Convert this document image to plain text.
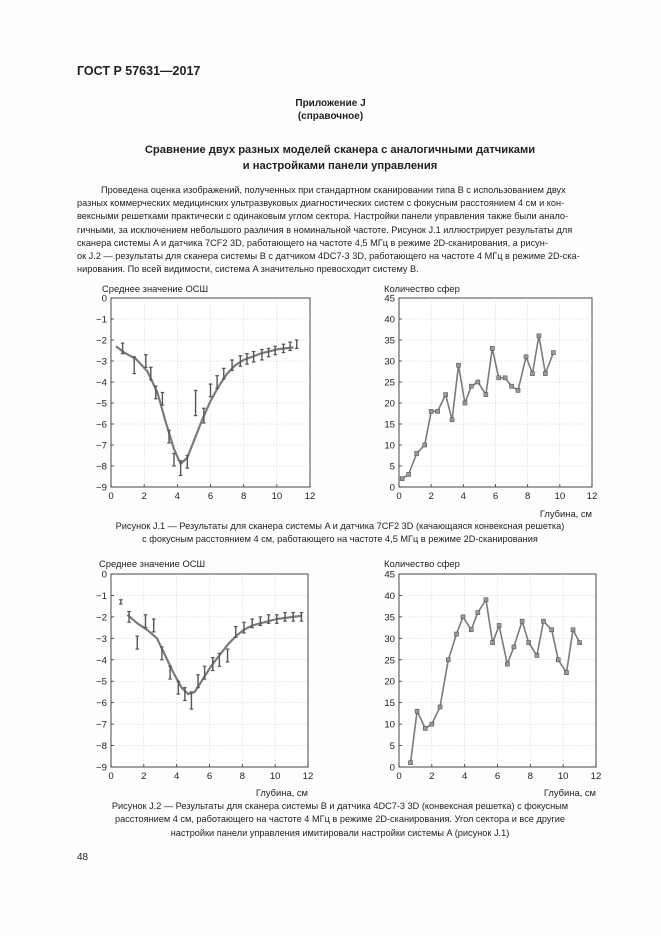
ГОСТ Р 57631—2017
Приложение J
(справочное)
Сравнение двух разных моделей сканера с аналогичными датчиками
и настройками панели управления

Проведена оценка изображений, полученных при стандартном сканировании типа B с использованием двух

разных коммерческих медицинских ультразвуковых диагностических систем с фокусным расстоянием 4 см и кон-

вексными решетками практически с одинаковым углом сектора. Настройки панели управления также были анало-

гичными, за исключением небольшого различия в номинальной частоте. Рисунок J.1 иллюстрирует результаты для

сканера системы A и датчика 7CF2 3D, работающего на частоте 4,5 МГц в режиме 2D-сканирования, а рисун-

ок J.2 — результаты для сканера системы B с датчиком 4DC7-3 3D, работающего на частоте 4 МГц в режиме 2D-ска-

нирования. По всей видимости, система A значительно превосходит систему B.

0	2	4	6	8	10 12
0
−1
−2
−3
−4
−5
−6
−7
−8
−9
Среднее значение ОСШ
0	2	4	6	8	10 12
0
5
10
15
20
25
30
35
40
45
Количество сфер
Глубина, см
0	2	4	6	8	10 12
0
−1
−2
−3
−4
−5
−6
−7
−8
−9
Среднее значение ОСШ
Глубина, см
0	2	4	6	8	10 12
0
5
10
15
20
25
30
35
40
45
Количество сфер
Глубина, см
Рисунок J.1 — Результаты для сканера системы A и датчика 7CF2 3D (качающаяся конвексная решетка)
с фокусным расстоянием 4 см, работающего на частоте 4,5 МГц в режиме 2D-сканирования
Рисунок J.2 — Результаты для сканера системы B и датчика 4DC7-3 3D (конвексная решетка) с фокусным
расстоянием 4 см, работающего на частоте 4 МГц в режиме 2D-сканирования. Угол сектора и все другие
настройки панели управления имитировали настройки системы A (рисунок J.1)
48
